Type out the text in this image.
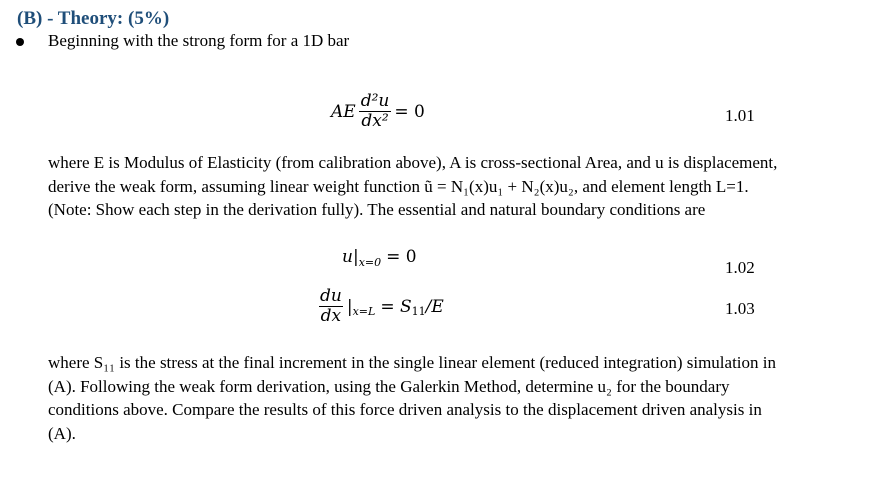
(B) - Theory: (5%)
Beginning with the strong form for a 1D bar
AE $\frac{\text{d²u}}{\text{dx²}} = 0$	1.01
where E is Modulus of Elasticity (from calibration above), A is cross-sectional Area, and u is displacement,
derive the weak form, assuming linear weight function ũ = N₁(x)u₁ + N₂(x)u₂, and element length L=1.
(Note: Show each step in the derivation fully). The essential and natural boundary conditions are
$u|_{x=0} = 0$
1.02
$\frac{du}{dx} |_{x=L} = S_{11}$ /E	1.03
where S₁₁ is the stress at the final increment in the single linear element (reduced integration) simulation in
(A). Following the weak form derivation, using the Galerkin Method, determine u₂ for the boundary
conditions above. Compare the results of this force driven analysis to the displacement driven analysis in
(A).
